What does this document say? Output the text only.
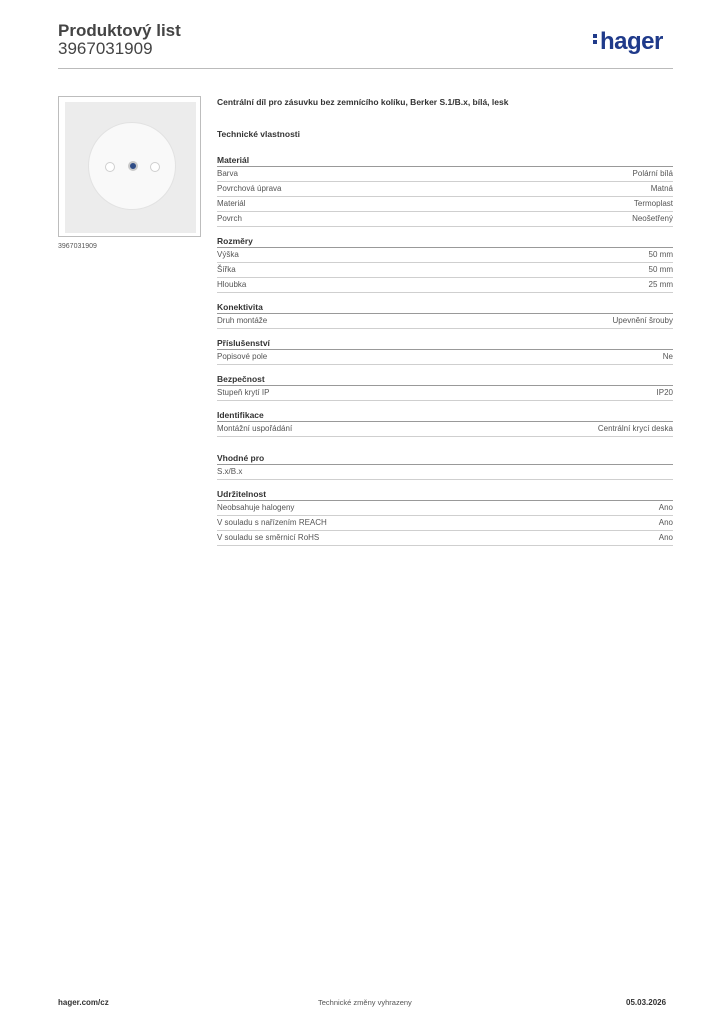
Produktový list
3967031909	hager
3967031909
Centrální díl pro zásuvku bez zemnícího kolíku, Berker S.1/B.x, bílá, lesk
Technické vlastnosti
Materiál
Barva	Polární bílá
Povrchová úprava	Matná
Materiál	Termoplast
Povrch	Neošetřený
Rozměry
Výška	50 mm
Šířka	50 mm
Hloubka	25 mm
Konektivita
Druh montáže	Upevnění šrouby
Příslušenství
Popisové pole	Ne
Bezpečnost
Stupeň krytí IP	IP20
Identifikace
Montážní uspořádání	Centrální krycí deska
Vhodné pro
S.x/B.x
Udržitelnost
Neobsahuje halogeny	Ano
V souladu s nařízením REACH	Ano
V souladu se směrnicí RoHS	Ano
hager.com/cz	Technické změny vyhrazeny	05.03.2026
